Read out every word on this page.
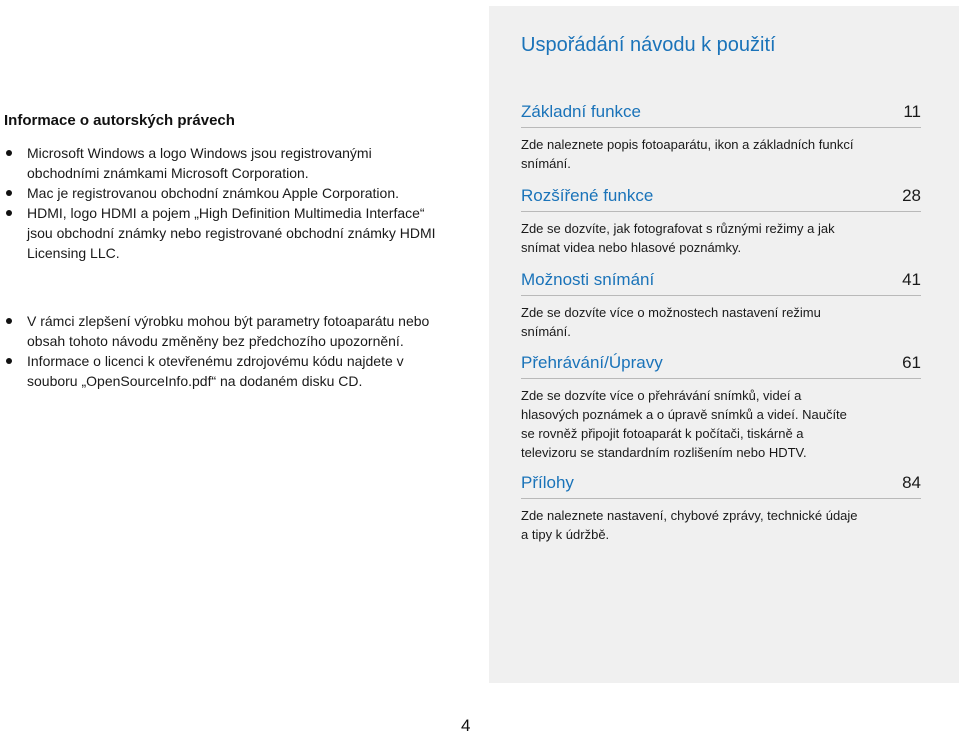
Informace o autorských právech
Microsoft Windows a logo Windows jsou registrovanými obchodními známkami Microsoft Corporation.
Mac je registrovanou obchodní známkou Apple Corporation.
HDMI, logo HDMI a pojem „High Definition Multimedia Interface“ jsou obchodní známky nebo registrované obchodní známky HDMI Licensing LLC.
V rámci zlepšení výrobku mohou být parametry fotoaparátu nebo obsah tohoto návodu změněny bez předchozího upozornění.
Informace o licenci k otevřenému zdrojovému kódu najdete v souboru „OpenSourceInfo.pdf“ na dodaném disku CD.
Uspořádání návodu k použití
Základní funkce	11
Zde naleznete popis fotoaparátu, ikon a základních funkcí snímání.
Rozšířené funkce	28
Zde se dozvíte, jak fotografovat s různými režimy a jak snímat videa nebo hlasové poznámky.
Možnosti snímání	41
Zde se dozvíte více o možnostech nastavení režimu snímání.
Přehrávání/Úpravy	61
Zde se dozvíte více o přehrávání snímků, videí a hlasových poznámek a o úpravě snímků a videí. Naučíte se rovněž připojit fotoaparát k počítači, tiskárně a televizoru se standardním rozlišením nebo HDTV.
Přílohy	84
Zde naleznete nastavení, chybové zprávy, technické údaje a tipy k údržbě.
4
